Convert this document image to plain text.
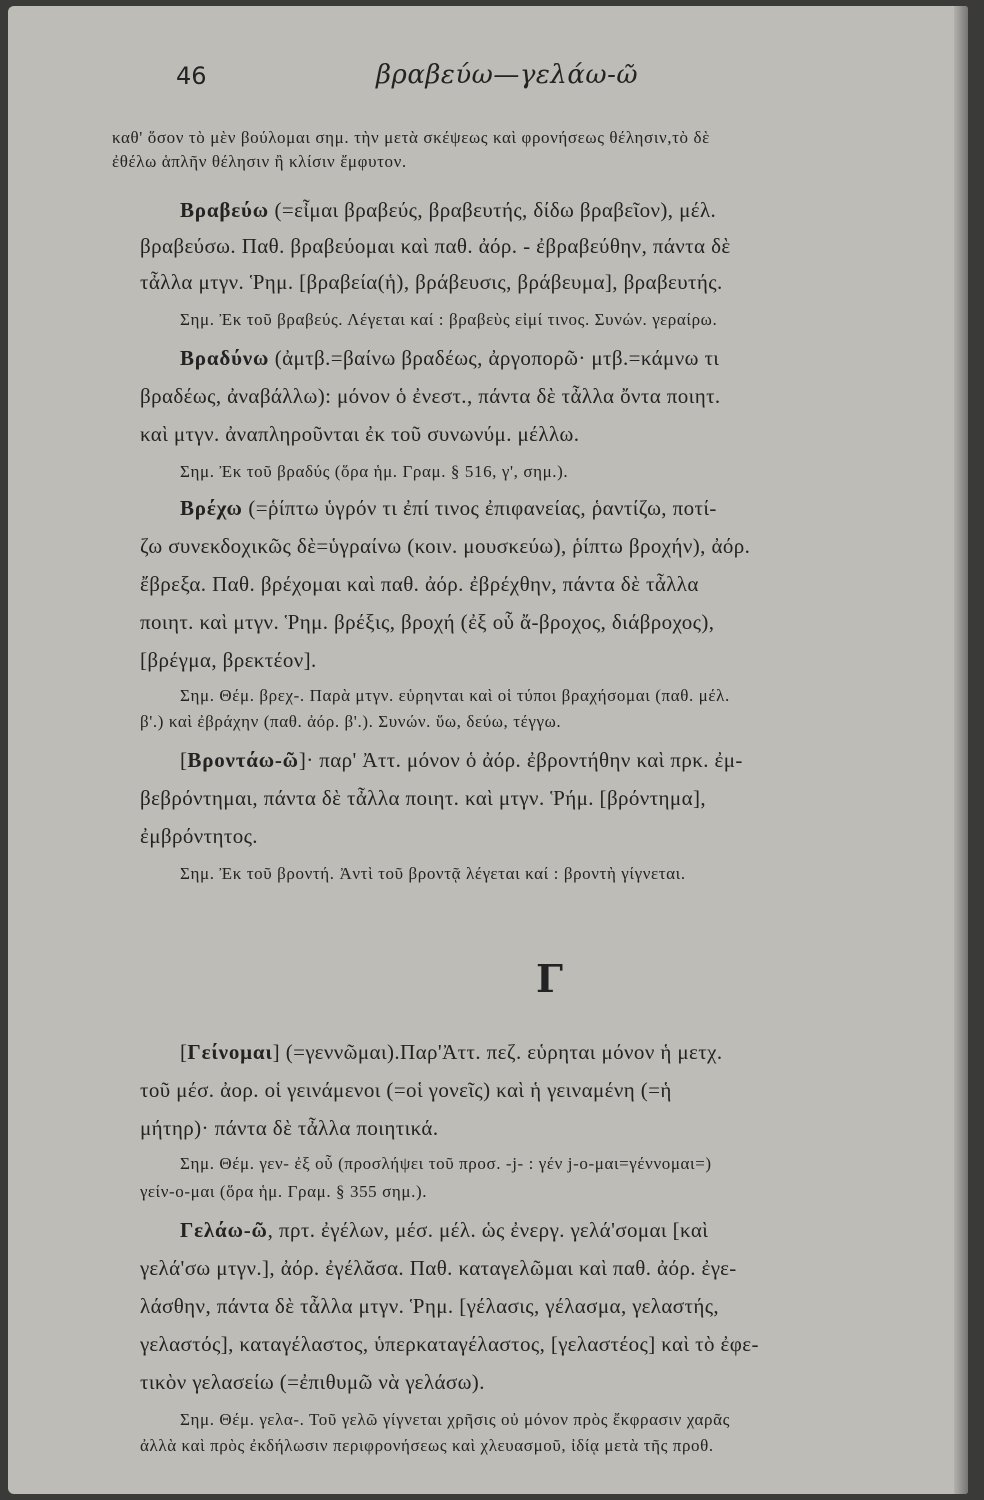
46	βραβεύω—γελάω-ῶ
καθ' ὅσον τὸ μὲν βούλομαι σημ. τὴν μετὰ σκέψεως καὶ φρονήσεως θέλησιν,τὸ δὲ
ἐθέλω ἁπλῆν θέλησιν ἢ κλίσιν ἔμφυτον.
Βραβεύω (=εἶμαι βραβεύς, βραβευτής, δίδω βραβεῖον), μέλ.
βραβεύσω. Παθ. βραβεύομαι καὶ παθ. ἀόρ. - ἐβραβεύθην, πάντα δὲ
τἆλλα μτγν. Ῥημ. [βραβεία(ἡ), βράβευσις, βράβευμα], βραβευτής.
Σημ. Ἐκ τοῦ βραβεύς. Λέγεται καί : βραβεὺς εἰμί τινος. Συνών. γεραίρω.
Βραδύνω (ἀμτβ.=βαίνω βραδέως, ἀργοπορῶ· μτβ.=κάμνω τι
βραδέως, ἀναβάλλω): μόνον ὁ ἐνεστ., πάντα δὲ τἆλλα ὄντα ποιητ.
καὶ μτγν. ἀναπληροῦνται ἐκ τοῦ συνωνύμ. μέλλω.
Σημ. Ἐκ τοῦ βραδύς (ὅρα ἡμ. Γραμ. § 516, γ', σημ.).
Βρέχω (=ῥίπτω ὑγρόν τι ἐπί τινος ἐπιφανείας, ῥαντίζω, ποτί-
ζω συνεκδοχικῶς δὲ=ὑγραίνω (κοιν. μουσκεύω), ῥίπτω βροχήν), ἀόρ.
ἔβρεξα. Παθ. βρέχομαι καὶ παθ. ἀόρ. ἐβρέχθην, πάντα δὲ τἆλλα
ποιητ. καὶ μτγν. Ῥημ. βρέξις, βροχή (ἐξ οὗ ἄ-βροχος, διάβροχος),
[βρέγμα, βρεκτέον].
Σημ. Θέμ. βρεχ-. Παρὰ μτγν. εὑρηνται καὶ οἱ τύποι βραχήσομαι (παθ. μέλ.
β'.) καὶ ἐβράχην (παθ. ἀόρ. β'.). Συνών. ὕω, δεύω, τέγγω.
[Βροντάω-ῶ]· παρ' Ἀττ. μόνον ὁ ἀόρ. ἐβροντήθην καὶ πρκ. ἐμ-
βεβρόντημαι, πάντα δὲ τἆλλα ποιητ. καὶ μτγν. Ῥήμ. [βρόντημα],
ἐμβρόντητος.
Σημ. Ἐκ τοῦ βροντή. Ἀντὶ τοῦ βροντᾷ λέγεται καί : βροντὴ γίγνεται.
Γ
[Γείνομαι] (=γεννῶμαι).Παρ'Ἀττ. πεζ. εὑρηται μόνον ἡ μετχ.
τοῦ μέσ. ἀορ. οἱ γεινάμενοι (=οἱ γονεῖς) καὶ ἡ γειναμένη (=ἡ
μήτηρ)· πάντα δὲ τἆλλα ποιητικά.
Σημ. Θέμ. γεν- ἐξ οὗ (προσλήψει τοῦ προσ. -j- : γέν j-ο-μαι=γέννομαι=)
γείν-ο-μαι (ὅρα ἡμ. Γραμ. § 355 σημ.).
Γελάω-ῶ, πρτ. ἐγέλων, μέσ. μέλ. ὡς ἐνεργ. γελά'σομαι [καὶ
γελά'σω μτγν.], ἀόρ. ἐγέλᾰσα. Παθ. καταγελῶμαι καὶ παθ. ἀόρ. ἐγε-
λάσθην, πάντα δὲ τἆλλα μτγν. Ῥημ. [γέλασις, γέλασμα, γελαστής,
γελαστός], καταγέλαστος, ὑπερκαταγέλαστος, [γελαστέος] καὶ τὸ ἐφε-
τικὸν γελασείω (=ἐπιθυμῶ νὰ γελάσω).
Σημ. Θέμ. γελα-. Τοῦ γελῶ γίγνεται χρῆσις οὐ μόνον πρὸς ἔκφρασιν χαρᾶς
ἀλλὰ καὶ πρὸς ἐκδήλωσιν περιφρονήσεως καὶ χλευασμοῦ, ἰδίᾳ μετὰ τῆς προθ.
